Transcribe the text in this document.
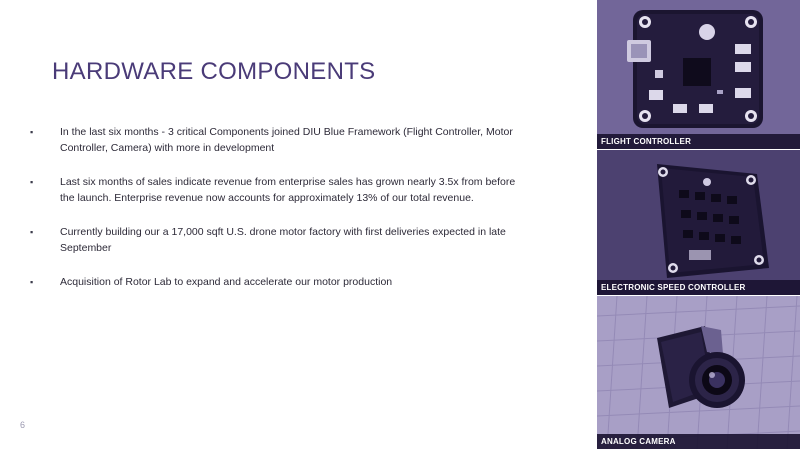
HARDWARE COMPONENTS
▪	In the last six months - 3 critical Components joined DIU Blue Framework (Flight Controller, Motor Controller, Camera) with more in development
▪	Last six months of sales indicate revenue from enterprise sales has grown nearly 3.5x from before the launch. Enterprise revenue now accounts for approximately 13% of our total revenue.
▪	Currently building our a 17,000 sqft U.S. drone motor factory with first deliveries expected in late September
▪	Acquisition of Rotor Lab to expand and accelerate our motor production
6
FLIGHT CONTROLLER
ELECTRONIC SPEED CONTROLLER
ANALOG CAMERA
